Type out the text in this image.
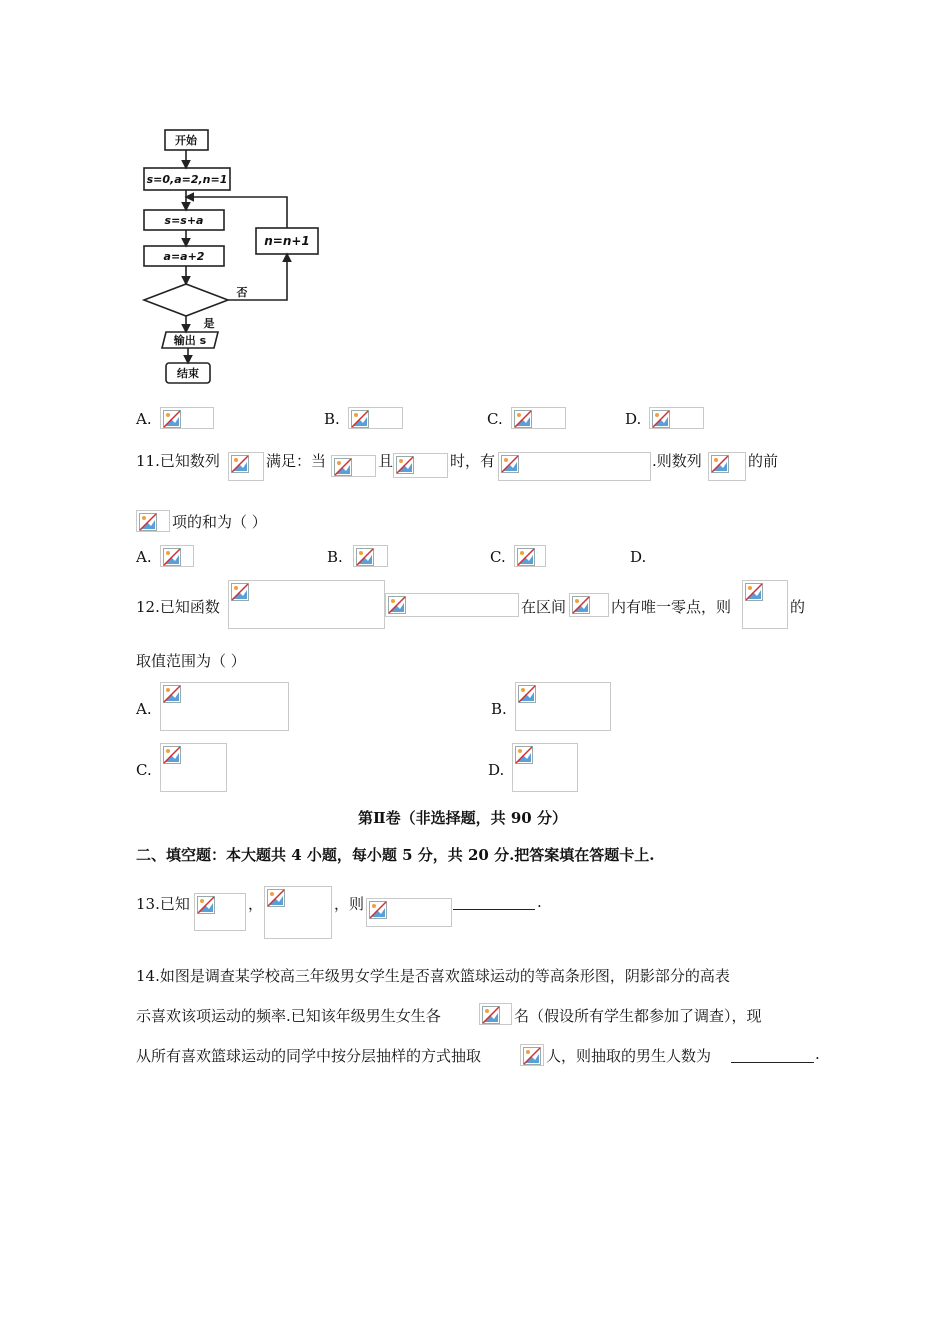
开始
s=0,a=2,n=1
s=s+a
a=a+2
n=n+1
否
是
输出 s
结束
A.	B.	C.	D.
11.已知数列	满足：当	且	时，有	.则数列	的前
项的和为（ ）
A.	B.	C.	D.
12.已知函数	在区间	内有唯一零点，则	的
取值范围为（ ）
A.	B.
C.	D.
第Ⅱ卷（非选择题，共 90 分）
二、填空题：本大题共 4 小题，每小题 5 分，共 20 分.把答案填在答题卡上.
13.已知	，	，则	.
14.如图是调查某学校高三年级男女学生是否喜欢篮球运动的等高条形图，阴影部分的高表
示喜欢该项运动的频率.已知该年级男生女生各	名（假设所有学生都参加了调查），现
从所有喜欢篮球运动的同学中按分层抽样的方式抽取	人，则抽取的男生人数为	.
